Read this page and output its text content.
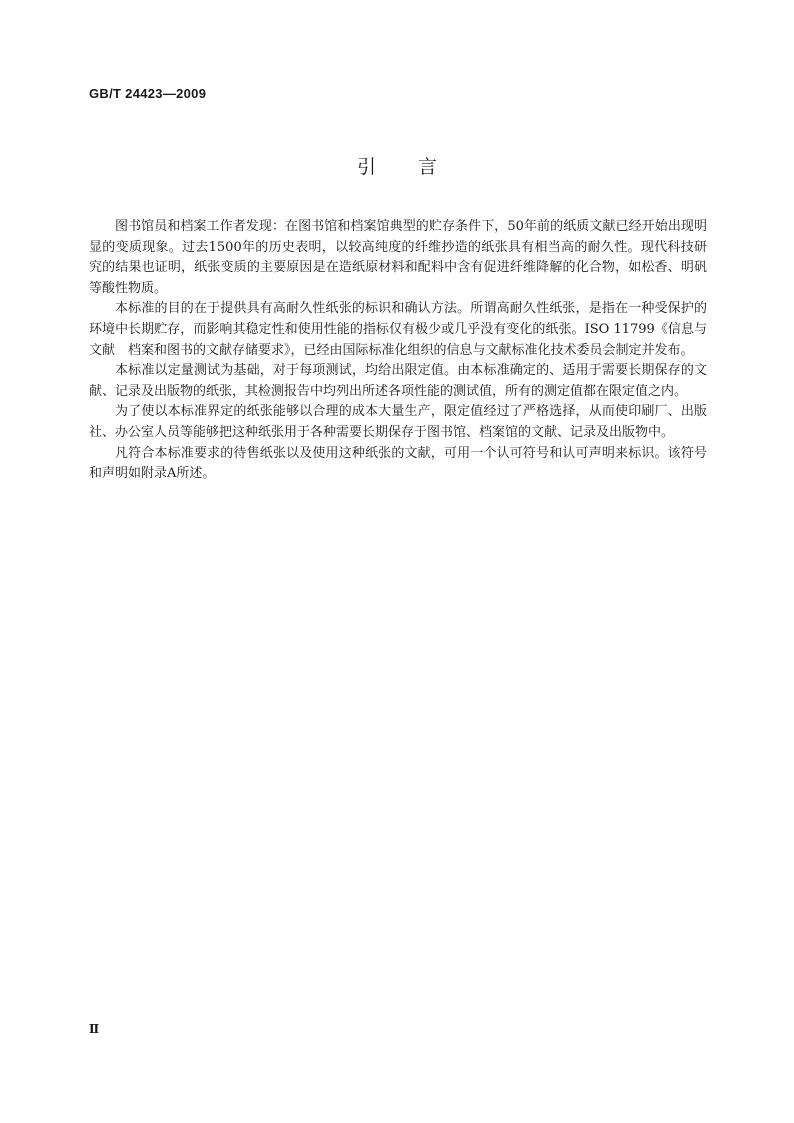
GB/T 24423—2009
引言

图书馆员和档案工作者发现：在图书馆和档案馆典型的贮存条件下，50年前的纸质文献已经开始出现明显的变质现象。过去1500年的历史表明，以较高纯度的纤维抄造的纸张具有相当高的耐久性。现代科技研究的结果也证明，纸张变质的主要原因是在造纸原材料和配料中含有促进纤维降解的化合物，如松香、明矾等酸性物质。

本标准的目的在于提供具有高耐久性纸张的标识和确认方法。所谓高耐久性纸张，是指在一种受保护的环境中长期贮存，而影响其稳定性和使用性能的指标仅有极少或几乎没有变化的纸张。ISO 11799《信息与文献　档案和图书的文献存储要求》，已经由国际标准化组织的信息与文献标准化技术委员会制定并发布。

本标准以定量测试为基础，对于每项测试，均给出限定值。由本标准确定的、适用于需要长期保存的文献、记录及出版物的纸张，其检测报告中均列出所述各项性能的测试值，所有的测定值都在限定值之内。

为了使以本标准界定的纸张能够以合理的成本大量生产，限定值经过了严格选择，从而使印刷厂、出版社、办公室人员等能够把这种纸张用于各种需要长期保存于图书馆、档案馆的文献、记录及出版物中。

凡符合本标准要求的待售纸张以及使用这种纸张的文献，可用一个认可符号和认可声明来标识。该符号和声明如附录A所述。

Ⅱ
